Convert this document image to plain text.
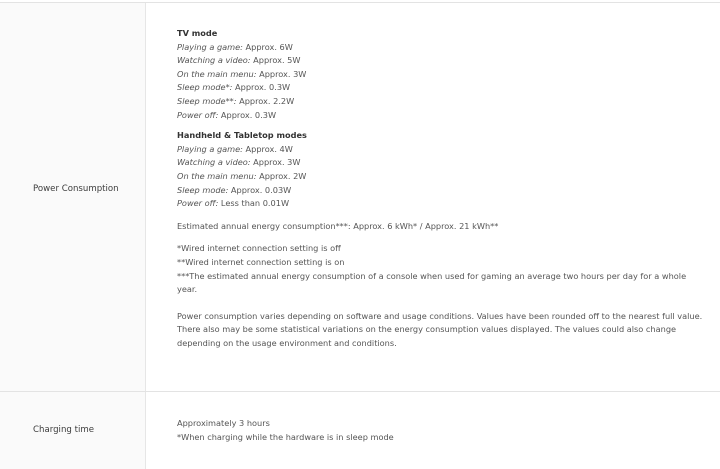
Power Consumption
TV mode
Playing a game: Approx. 6W
Watching a video: Approx. 5W
On the main menu: Approx. 3W
Sleep mode*: Approx. 0.3W
Sleep mode**: Approx. 2.2W
Power off: Approx. 0.3W
Handheld & Tabletop modes
Playing a game: Approx. 4W
Watching a video: Approx. 3W
On the main menu: Approx. 2W
Sleep mode: Approx. 0.03W
Power off: Less than 0.01W
Estimated annual energy consumption***: Approx. 6 kWh* / Approx. 21 kWh**
*Wired internet connection setting is off
**Wired internet connection setting is on
***The estimated annual energy consumption of a console when used for gaming an average two hours per day for a whole year.
Power consumption varies depending on software and usage conditions. Values have been rounded off to the nearest full value. There also may be some statistical variations on the energy consumption values displayed. The values could also change depending on the usage environment and conditions.
Charging time
Approximately 3 hours
*When charging while the hardware is in sleep mode
